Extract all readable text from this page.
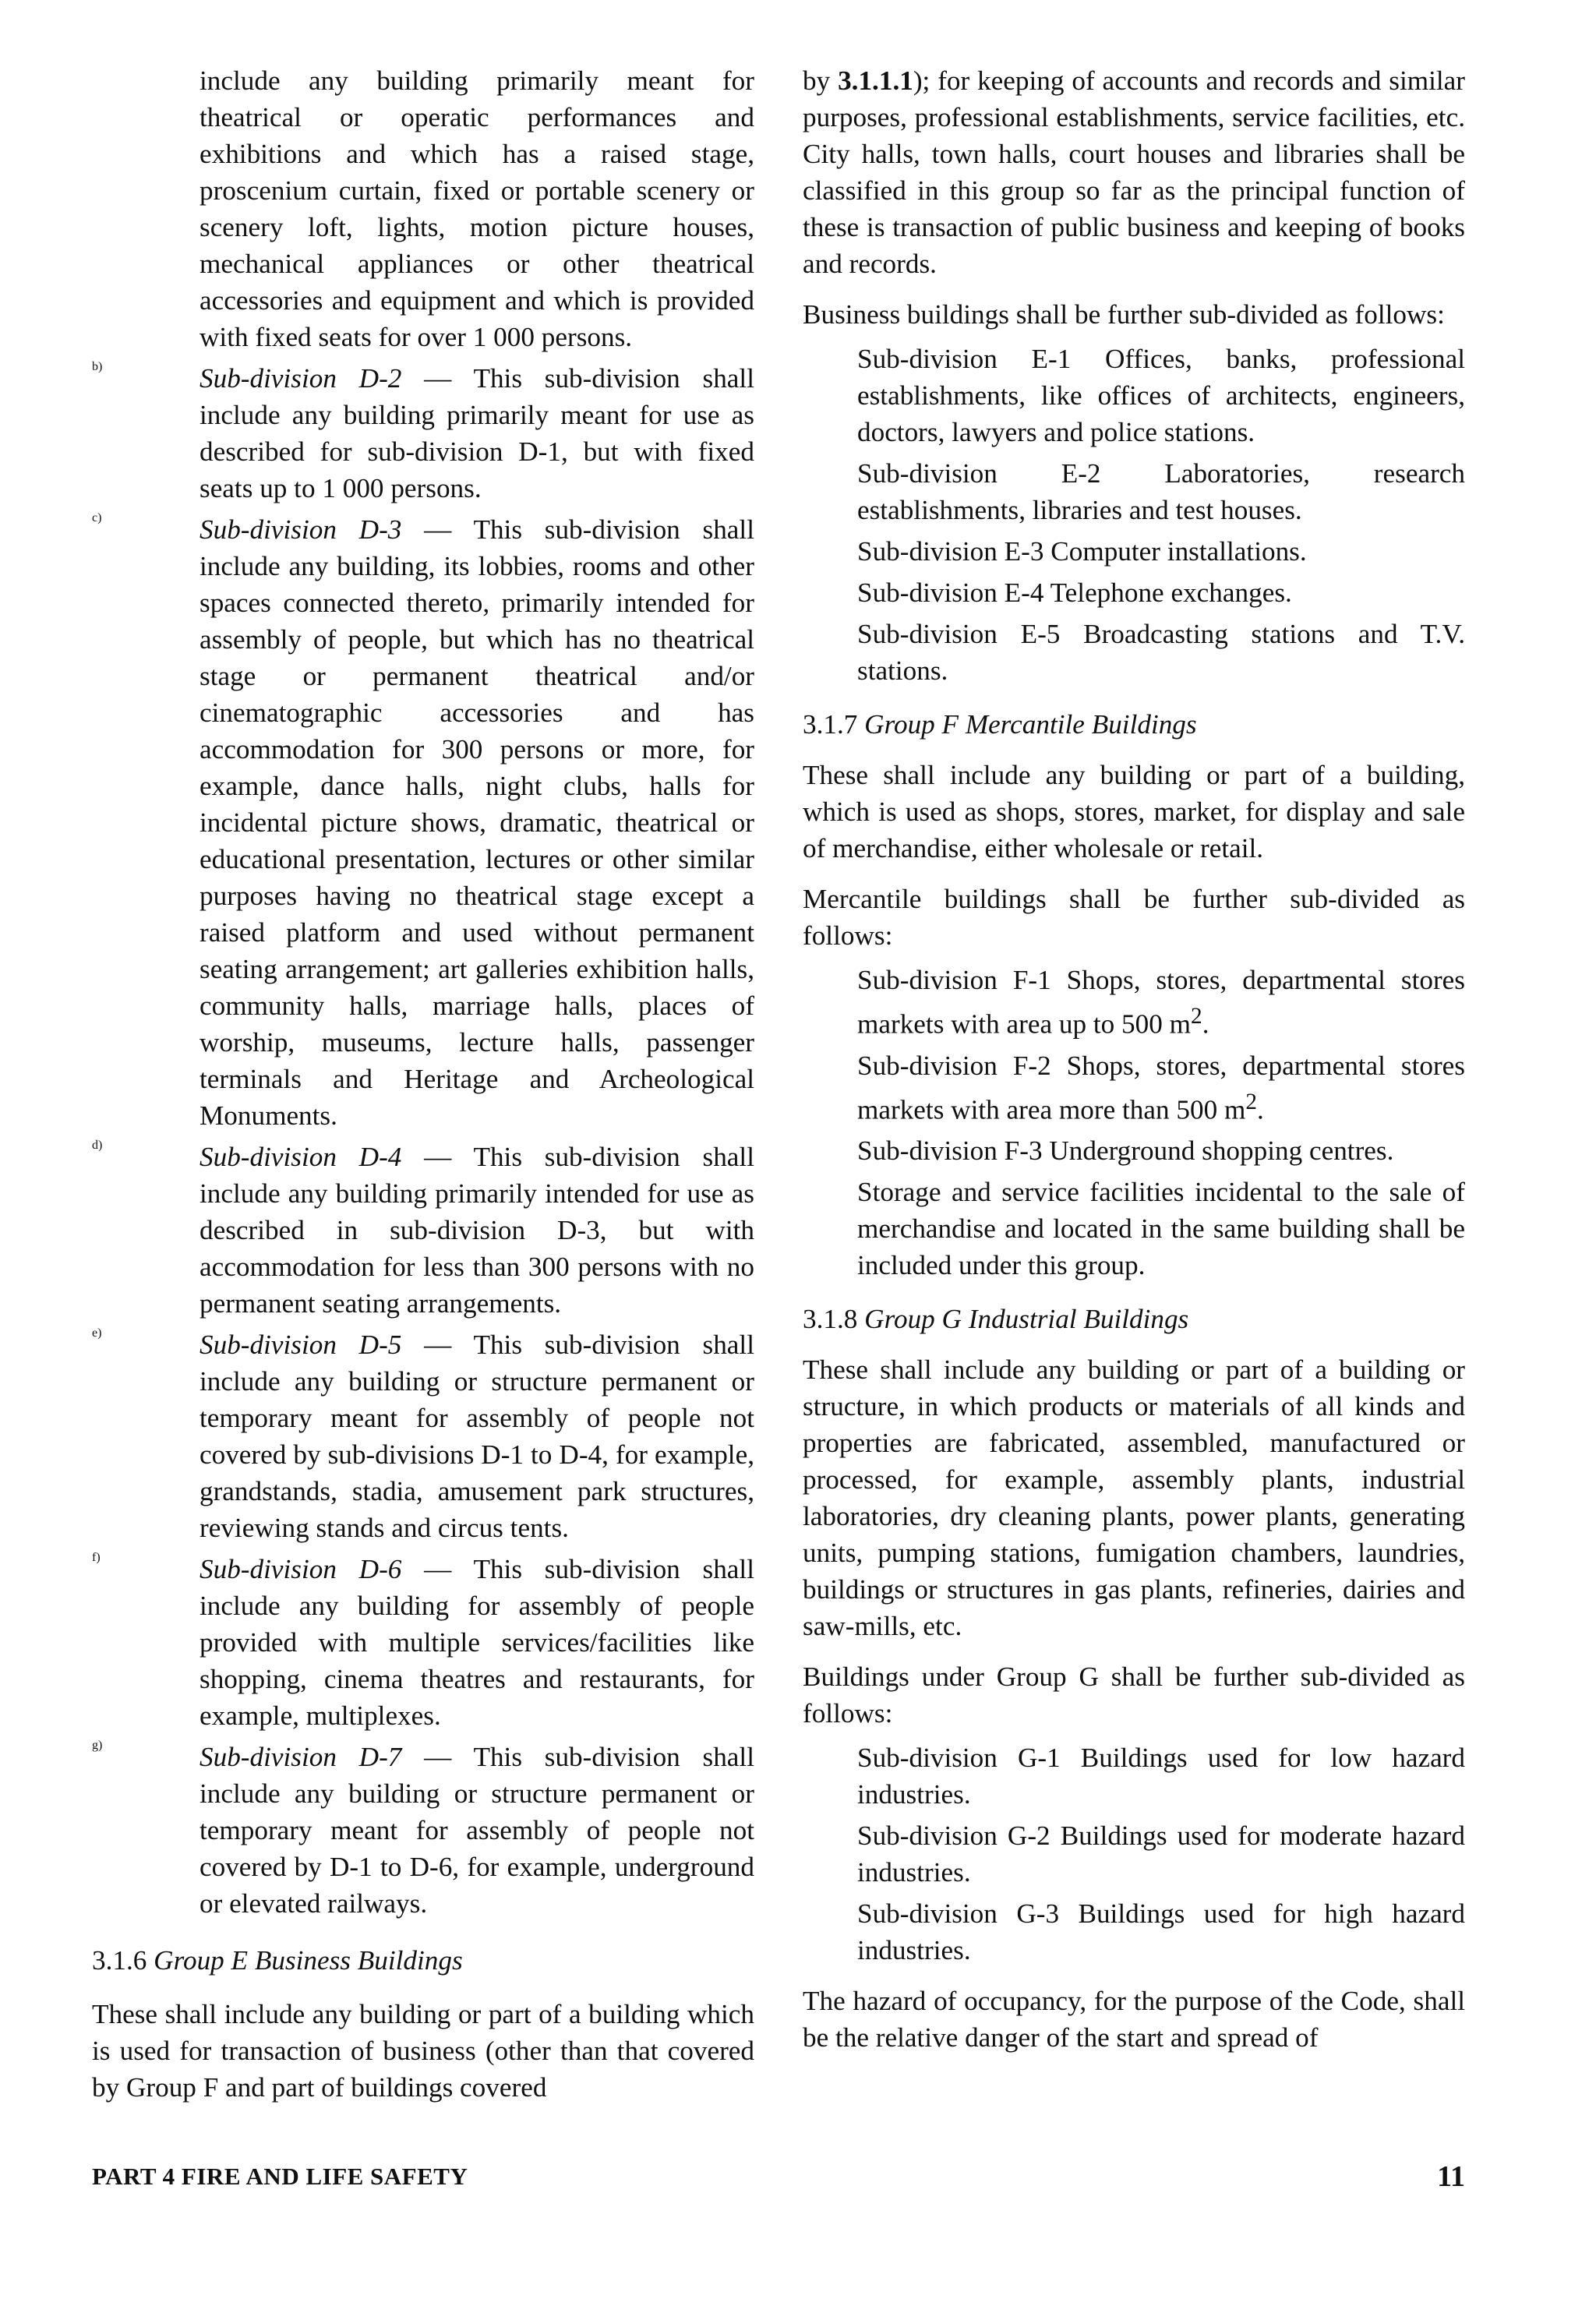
include any building primarily meant for theatrical or operatic performances and exhibitions and which has a raised stage, proscenium curtain, fixed or portable scenery or scenery loft, lights, motion picture houses, mechanical appliances or other theatrical accessories and equipment and which is provided with fixed seats for over 1 000 persons.

b)	Sub-division D-2 — This sub-division shall include any building primarily meant for use as described for sub-division D-1, but with fixed seats up to 1 000 persons.

c)	Sub-division D-3 — This sub-division shall include any building, its lobbies, rooms and other spaces connected thereto, primarily intended for assembly of people, but which has no theatrical stage or permanent theatrical and/or cinematographic accessories and has accommodation for 300 persons or more, for example, dance halls, night clubs, halls for incidental picture shows, dramatic, theatrical or educational presentation, lectures or other similar purposes having no theatrical stage except a raised platform and used without permanent seating arrangement; art galleries exhibition halls, community halls, marriage halls, places of worship, museums, lecture halls, passenger terminals and Heritage and Archeological Monuments.

d)	Sub-division D-4 — This sub-division shall include any building primarily intended for use as described in sub-division D-3, but with accommodation for less than 300 persons with no permanent seating arrangements.

e)	Sub-division D-5 — This sub-division shall include any building or structure permanent or temporary meant for assembly of people not covered by sub-divisions D-1 to D-4, for example, grandstands, stadia, amusement park structures, reviewing stands and circus tents.

f)	Sub-division D-6 — This sub-division shall include any building for assembly of people provided with multiple services/facilities like shopping, cinema theatres and restaurants, for example, multiplexes.

g)	Sub-division D-7 — This sub-division shall include any building or structure permanent or temporary meant for assembly of people not covered by D-1 to D-6, for example, underground or elevated railways.

3.1.6 Group E Business Buildings

These shall include any building or part of a building which is used for transaction of business (other than that covered by Group F and part of buildings covered

by 3.1.1.1); for keeping of accounts and records and similar purposes, professional establishments, service facilities, etc. City halls, town halls, court houses and libraries shall be classified in this group so far as the principal function of these is transaction of public business and keeping of books and records.

Business buildings shall be further sub-divided as follows:

Sub-division E-1 Offices, banks, professional establishments, like offices of architects, engineers, doctors, lawyers and police stations.

Sub-division E-2 Laboratories, research establishments, libraries and test houses.

Sub-division E-3 Computer installations.

Sub-division E-4 Telephone exchanges.

Sub-division E-5 Broadcasting stations and T.V. stations.

3.1.7 Group F Mercantile Buildings

These shall include any building or part of a building, which is used as shops, stores, market, for display and sale of merchandise, either wholesale or retail.

Mercantile buildings shall be further sub-divided as follows:

Sub-division F-1 Shops, stores, departmental stores markets with area up to 500 $m^2$.

Sub-division F-2 Shops, stores, departmental stores markets with area more than 500 $m^2$.

Sub-division F-3 Underground shopping centres.

Storage and service facilities incidental to the sale of merchandise and located in the same building shall be included under this group.

3.1.8 Group G Industrial Buildings

These shall include any building or part of a building or structure, in which products or materials of all kinds and properties are fabricated, assembled, manufactured or processed, for example, assembly plants, industrial laboratories, dry cleaning plants, power plants, generating units, pumping stations, fumigation chambers, laundries, buildings or structures in gas plants, refineries, dairies and saw-mills, etc.

Buildings under Group G shall be further sub-divided as follows:

Sub-division G-1 Buildings used for low hazard industries.

Sub-division G-2 Buildings used for moderate hazard industries.

Sub-division G-3 Buildings used for high hazard industries.

The hazard of occupancy, for the purpose of the Code, shall be the relative danger of the start and spread of

PART 4 FIRE AND LIFE SAFETY	11
